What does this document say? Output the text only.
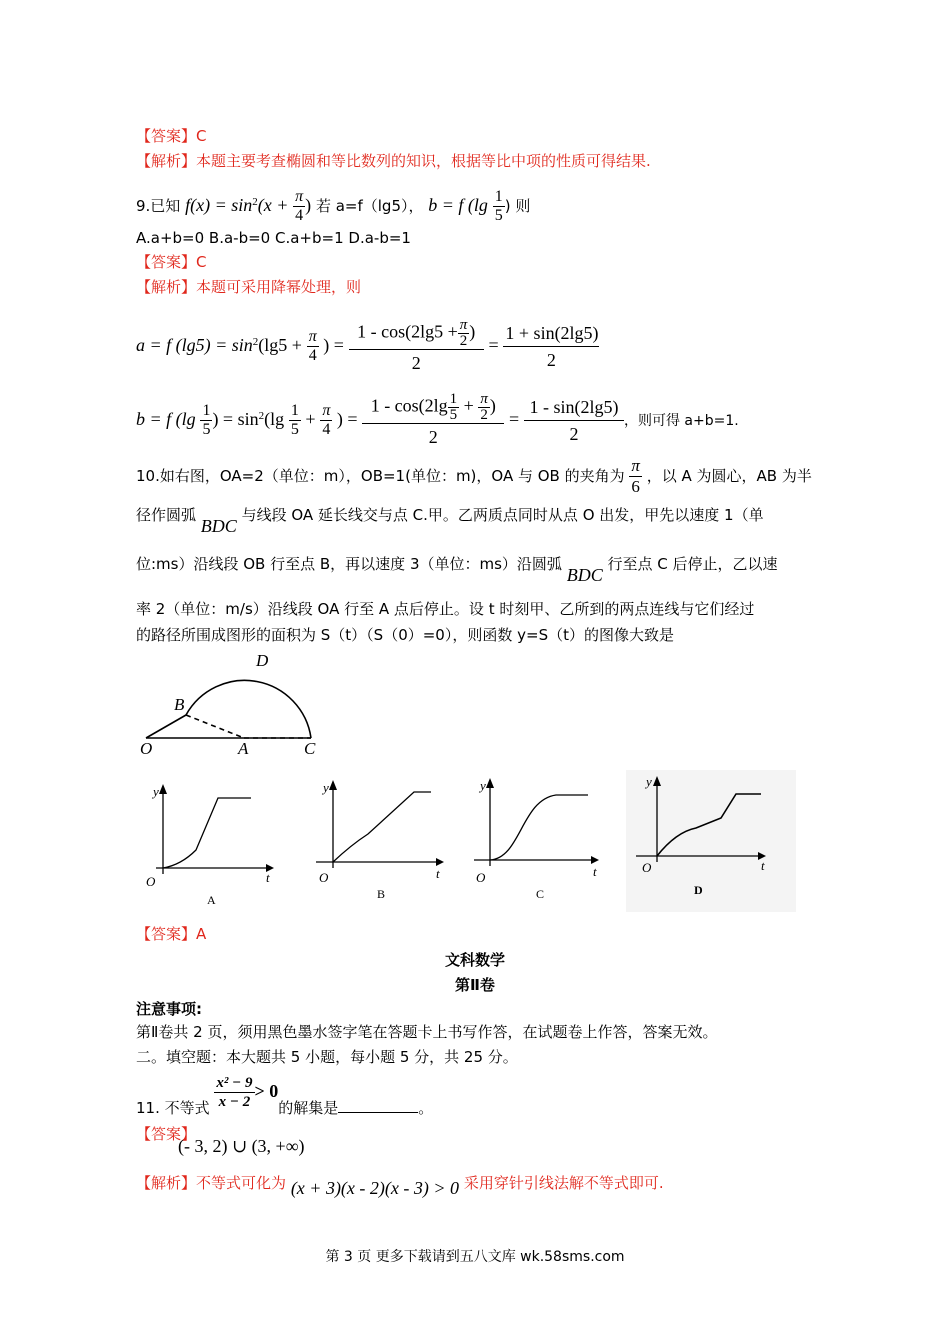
【答案】C
【解析】本题主要考查椭圆和等比数列的知识，根据等比中项的性质可得结果.
9.已知 $f(x) = \sin^2(x + \frac{\pi}{4}$ ) 若 a=f（lg5）， b = f ($\lg \frac{1}{5}$ ) 则
A.a+b=0 B.a-b=0 C.a+b=1 D.a-b=1
【答案】C
【解析】本题可采用降幂处理，则
a = f $(\lg 5) = \sin^2(\lg 5 + \frac{\pi}{4}$ ) = $\frac{1 - \cos(2\lg 5 + \frac{\pi}{2} )}{2} = \frac{1 + \sin(2\lg 5)}{2}$
b = f ($\lg \frac{1}{5}$ ) = $\sin^2(\lg \frac{1}{5} + \frac{\pi}{4}$ ) = $\frac{1 - \cos(2\lg \frac{1}{5} + \frac{\pi}{2} )}{2} = \frac{1 - \sin(2\lg 5)}{2}$ ，则可得 a+b=1.
10.如右图，OA=2（单位：m），OB=1(单位：m)，OA 与 OB 的夹角为 $\frac{\pi}{6}$ ，以 A 为圆心，AB 为半
径作圆弧 BDC 与线段 OA 延长线交与点 C.甲。乙两质点同时从点 O 出发，甲先以速度 1（单
位:ms）沿线段 OB 行至点 B，再以速度 3（单位：ms）沿圆弧 BDC 行至点 C 后停止，乙以速
率 2（单位：m/s）沿线段 OA 行至 A 点后停止。设 t 时刻甲、乙所到的两点连线与它们经过
的路径所围成图形的面积为 S（t）（S（0）=0），则函数 y=S（t）的图像大致是
O
B
D
A	C
y
t
O
A
y
t
O
B
y
t
O
C
y
t
O
D
【答案】A
文科数学
第Ⅱ卷
注意事项:
第Ⅱ卷共 2 页，须用黑色墨水签字笔在答题卡上书写作答，在试题卷上作答，答案无效。
二。填空题：本大题共 5 小题，每小题 5 分，共 25 分。
11. 不等式 $\frac{\text{x² − 9}}{x - 2} > 0$的解集是	。
【答案】
(- 3, 2) ∪ (3, +∞)
【解析】不等式可化为 (x + 3)(x - 2)(x - 3) > 0 采用穿针引线法解不等式即可.
第 3 页 更多下载请到五八文库 wk.58sms.com
